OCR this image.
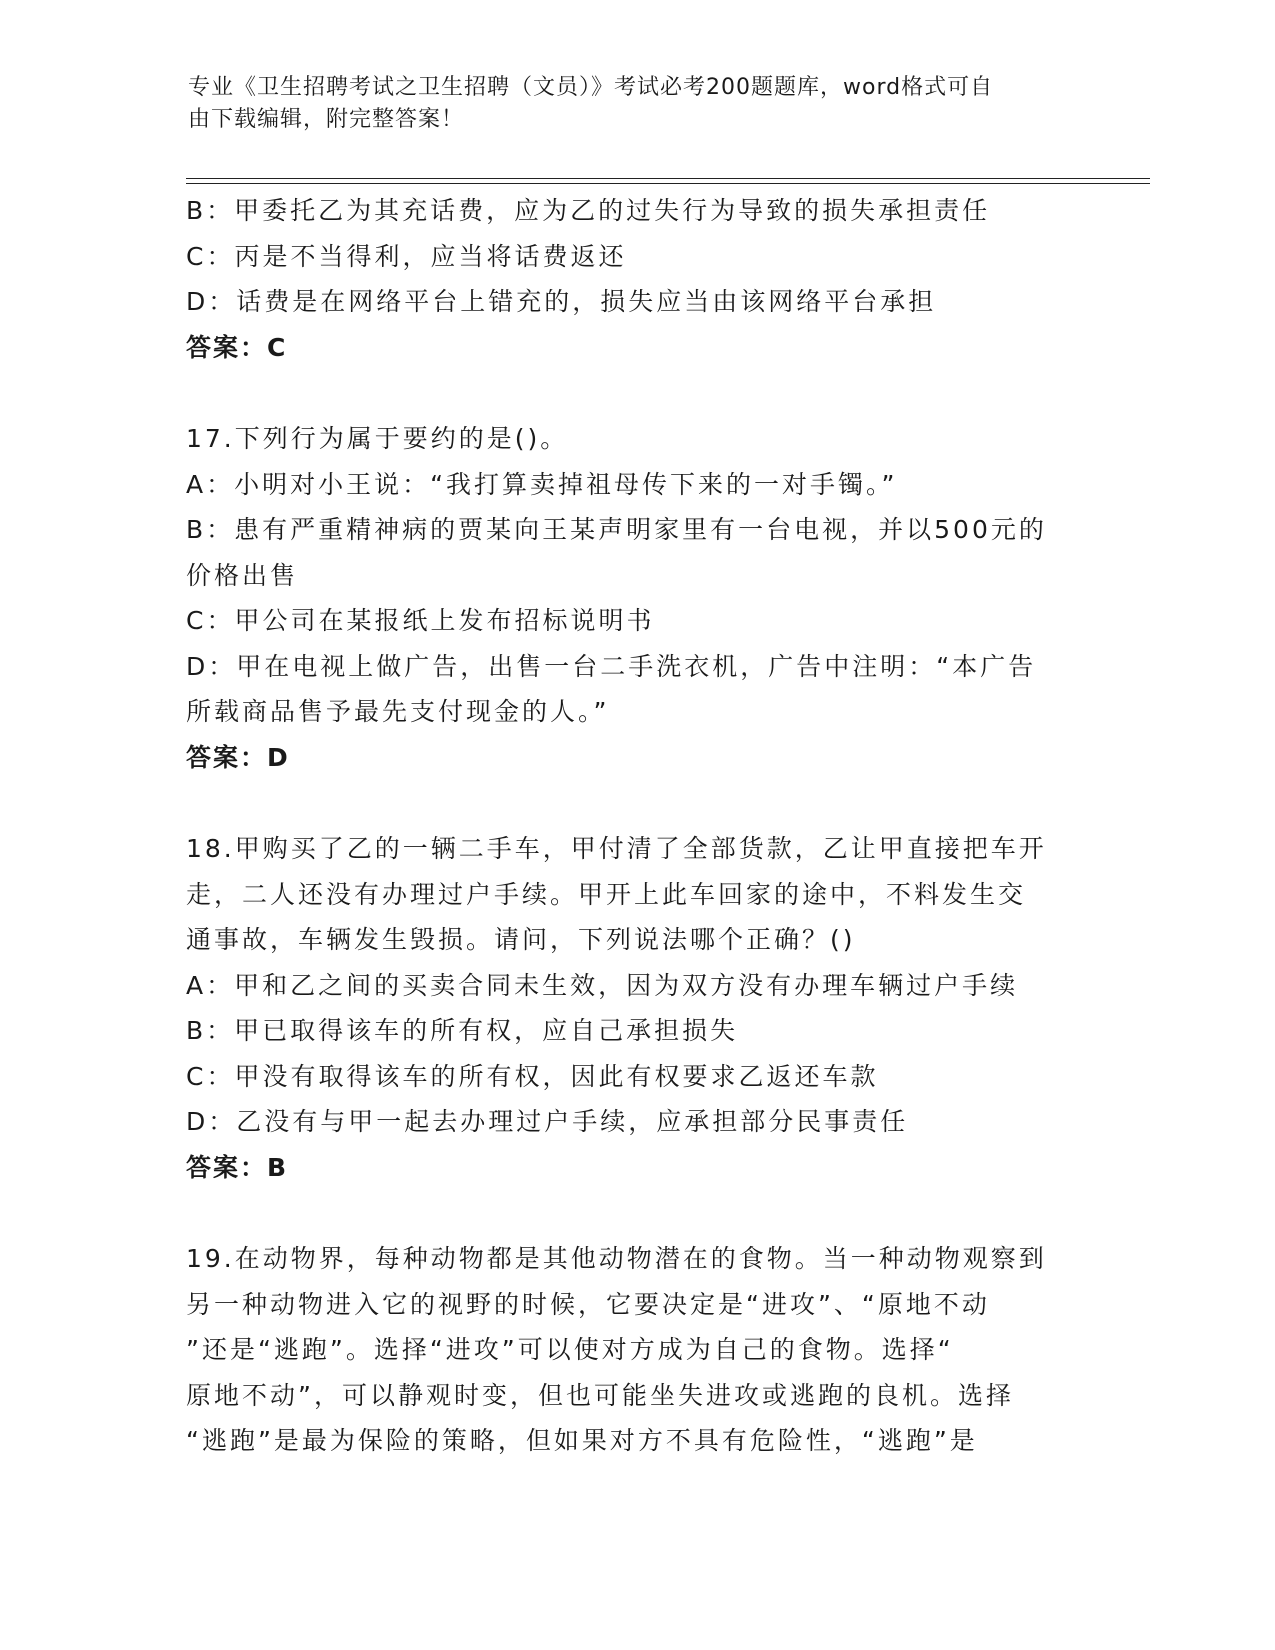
专业《卫生招聘考试之卫生招聘（文员）》考试必考200题题库，word格式可自
由下载编辑，附完整答案！
B：甲委托乙为其充话费，应为乙的过失行为导致的损失承担责任
C：丙是不当得利，应当将话费返还
D：话费是在网络平台上错充的，损失应当由该网络平台承担
答案：C
17.下列行为属于要约的是()。
A：小明对小王说：“我打算卖掉祖母传下来的一对手镯。”
B：患有严重精神病的贾某向王某声明家里有一台电视，并以500元的
价格出售
C：甲公司在某报纸上发布招标说明书
D：甲在电视上做广告，出售一台二手洗衣机，广告中注明：“本广告
所载商品售予最先支付现金的人。”
答案：D
18.甲购买了乙的一辆二手车，甲付清了全部货款，乙让甲直接把车开
走，二人还没有办理过户手续。甲开上此车回家的途中，不料发生交
通事故，车辆发生毁损。请问，下列说法哪个正确？()
A：甲和乙之间的买卖合同未生效，因为双方没有办理车辆过户手续
B：甲已取得该车的所有权，应自己承担损失
C：甲没有取得该车的所有权，因此有权要求乙返还车款
D：乙没有与甲一起去办理过户手续，应承担部分民事责任
答案：B
19.在动物界，每种动物都是其他动物潜在的食物。当一种动物观察到
另一种动物进入它的视野的时候，它要决定是“进攻”、“原地不动
”还是“逃跑”。选择“进攻”可以使对方成为自己的食物。选择“
原地不动”，可以静观时变，但也可能坐失进攻或逃跑的良机。选择
“逃跑”是最为保险的策略，但如果对方不具有危险性，“逃跑”是
